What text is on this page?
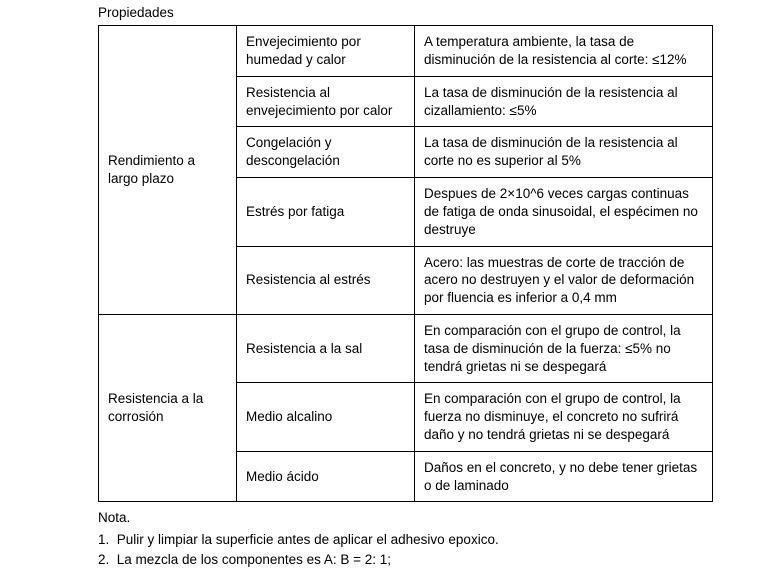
Propiedades
Rendimiento a largo plazo	Envejecimiento por humedad y calor	A temperatura ambiente, la tasa de disminución de la resistencia al corte: ≤12%
	Resistencia al envejecimiento por calor	La tasa de disminución de la resistencia al cizallamiento: ≤5%
	Congelación y descongelación	La tasa de disminución de la resistencia al corte no es superior al 5%
	Estrés por fatiga	Despues de 2×10^6 veces cargas continuas de fatiga de onda sinusoidal, el espécimen no destruye
	Resistencia al estrés	Acero: las muestras de corte de tracción de acero no destruyen y el valor de deformación por fluencia es inferior a 0,4 mm
Resistencia a la corrosión	Resistencia a la sal	En comparación con el grupo de control, la tasa de disminución de la fuerza: ≤5% no tendrá grietas ni se despegará
	Medio alcalino	En comparación con el grupo de control, la fuerza no disminuye, el concreto no sufrirá daño y no tendrá grietas ni se despegará
	Medio ácido	Daños en el concreto, y no debe tener grietas o de laminado
Nota.
1.  Pulir y limpiar la superficie antes de aplicar el adhesivo epoxico.
2.  La mezcla de los componentes es A: B = 2: 1;
